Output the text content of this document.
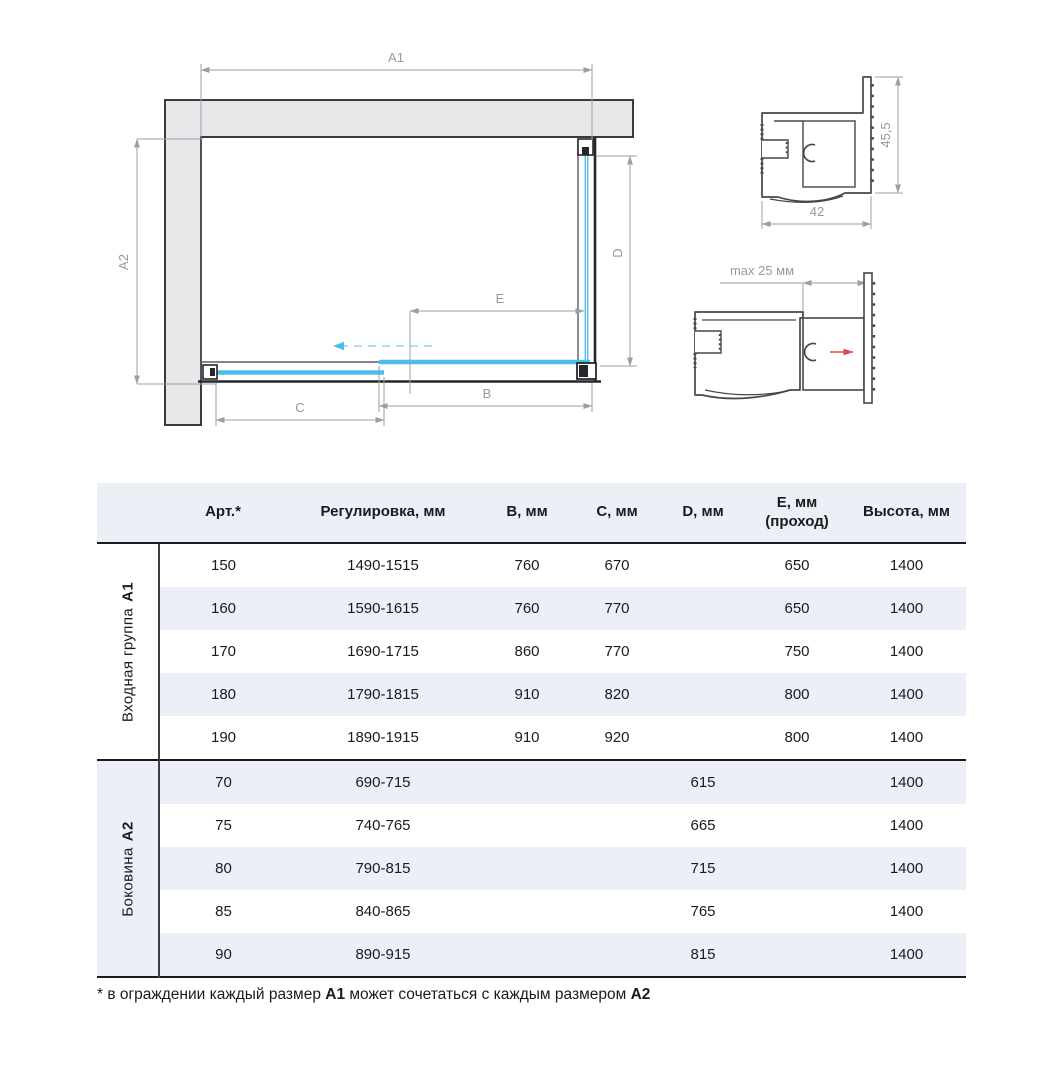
A1
A2
D
E
B
C
45,5
42
max 25 мм
	Арт.*	Регулировка, мм	B, мм	C, мм	D, мм	E, мм
(проход)	Высота, мм

Входная группаА1	150	1490-1515	760	670		650	1400
	160	1590-1615	760	770		650	1400
	170	1690-1715	860	770		750	1400
	180	1790-1815	910	820		800	1400
	190	1890-1915	910	920		800	1400

БоковинаА2	70	690-715			615		1400
	75	740-765			665		1400
	80	790-815			715		1400
	85	840-865			765		1400
	90	890-915			815		1400
* в ограждении каждый размер А1 может сочетаться с каждым размером А2
